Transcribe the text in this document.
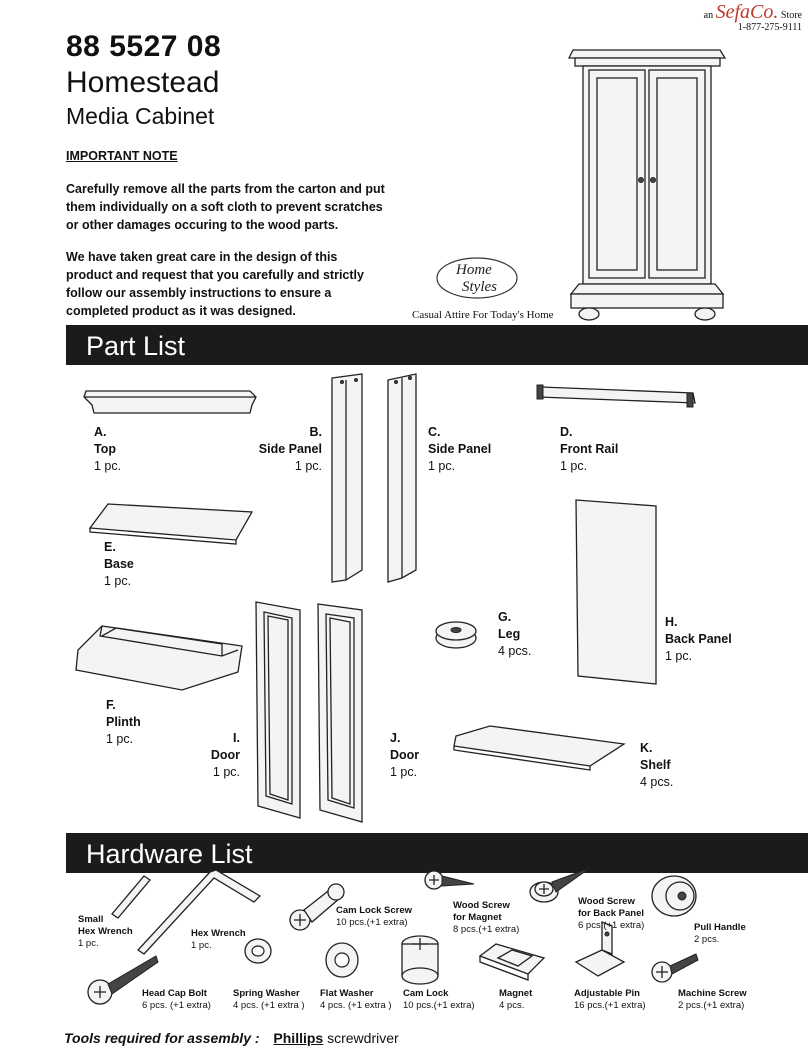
88 5527 08
Homestead
Media Cabinet
an SefaCo. Store
1-877-275-9111
IMPORTANT NOTE
Carefully remove all the parts from the carton and put
them individually on a soft cloth to prevent scratches
or other damages occuring to the wood parts.
We have taken great care in the design of this
product and request that you carefully and strictly
follow our assembly instructions to ensure a
completed product as it was designed.
Home
Styles
Casual Attire For Today's Home
Part List
A.
Top
1 pc.
B.
Side Panel
1 pc.
C.
Side Panel
1 pc.
D.
Front Rail
1 pc.
E.
Base
1 pc.
F.
Plinth
1 pc.
G.
Leg
4 pcs.
H.
Back Panel
1 pc.
I.
Door
1 pc.
J.
Door
1 pc.
K.
Shelf
4 pcs.
Hardware List
Small
Hex Wrench
1 pc.
Hex Wrench
1 pc.
Cam Lock Screw
10 pcs.(+1 extra)
Wood Screw
for Magnet
8 pcs.(+1 extra)
Wood Screw
for Back Panel
6 pcs.(+1 extra)	Pull Handle
2 pcs.
Head Cap Bolt
6 pcs. (+1 extra)
Spring Washer
4 pcs. (+1 extra )
Flat Washer
4 pcs. (+1 extra )
Cam Lock
10 pcs.(+1 extra)
Magnet
4 pcs.
Adjustable Pin
16 pcs.(+1 extra)
Machine Screw
2 pcs.(+1 extra)
Tools required for assembly : Phillips screwdriver
